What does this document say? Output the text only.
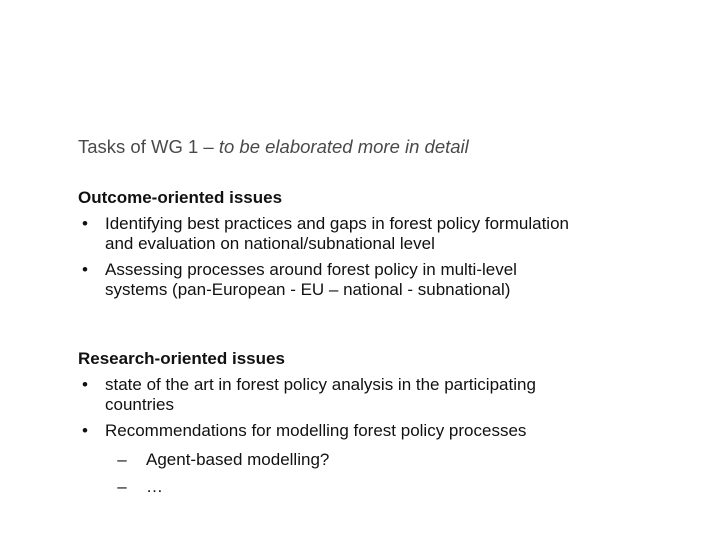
Tasks of WG 1 – to be elaborated more in detail
Outcome-oriented issues
• Identifying best practices and gaps in forest policy formulation
and evaluation on national/subnational level
• Assessing processes around forest policy in multi-level
systems (pan-European - EU – national - subnational)
Research-oriented issues
• state of the art in forest policy analysis in the participating
countries
• Recommendations for modelling forest policy processes
– Agent-based modelling?
– …
